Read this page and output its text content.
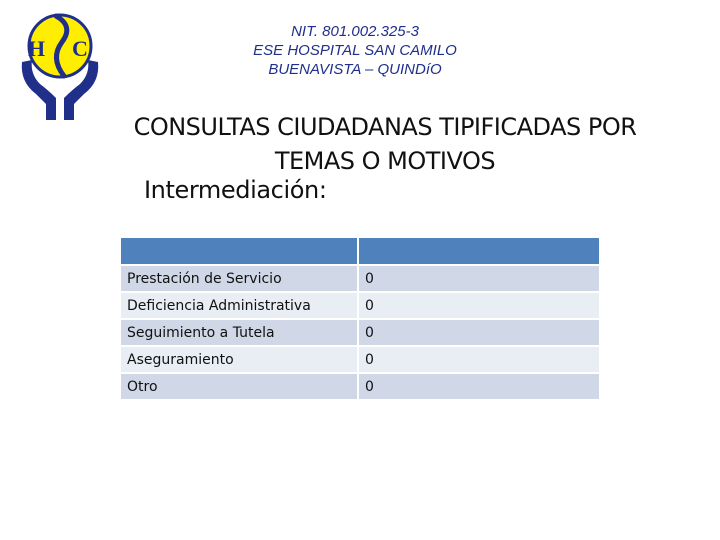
H C
NIT. 801.002.325-3
ESE HOSPITAL SAN CAMILO
BUENAVISTA – QUINDíO
CONSULTAS CIUDADANAS TIPIFICADAS POR
TEMAS O MOTIVOS
Intermediación:

Prestación de Servicio	0
Deficiencia Administrativa	0
Seguimiento a Tutela	0
Aseguramiento	0
Otro	0
